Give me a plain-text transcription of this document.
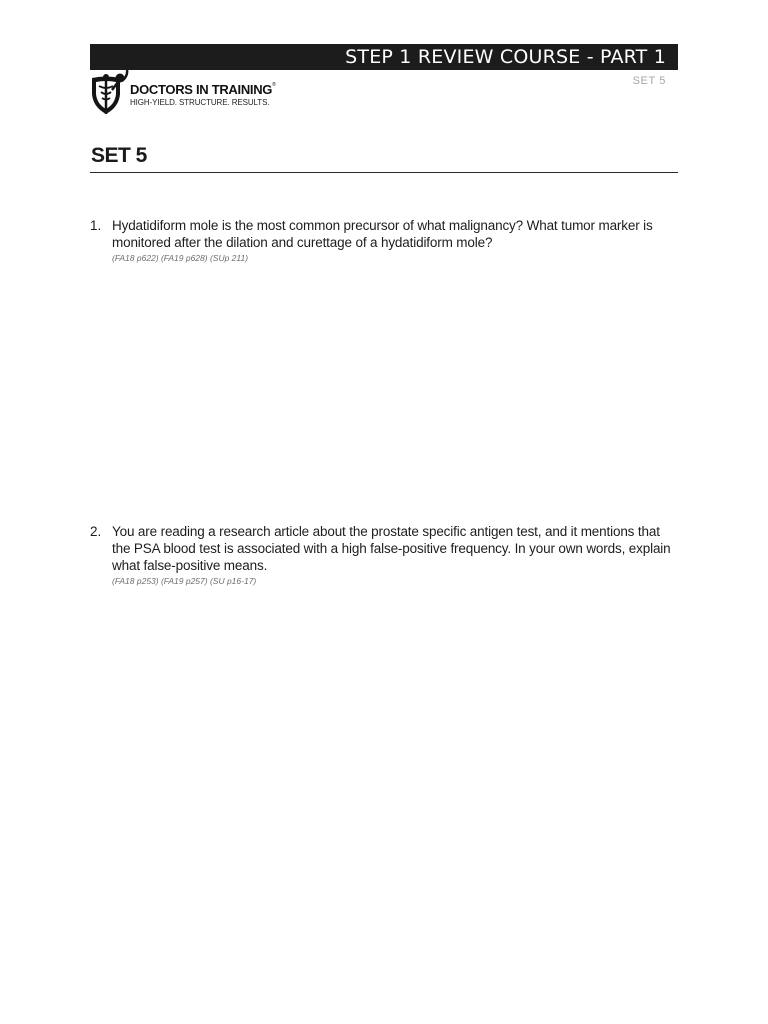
STEP 1 REVIEW COURSE - PART 1
SET 5
DOCTORS IN TRAINING®
HIGH-YIELD. STRUCTURE. RESULTS.
SET 5
1. Hydatidiform mole is the most common precursor of what malignancy? What tumor marker is monitored after the dilation and curettage of a hydatidiform mole?
(FA18 p622) (FA19 p628) (SUp 211)
2. You are reading a research article about the prostate specific antigen test, and it mentions that the PSA blood test is associated with a high false-positive frequency. In your own words, explain what false-positive means.
(FA18 p253) (FA19 p257) (SU p16-17)
